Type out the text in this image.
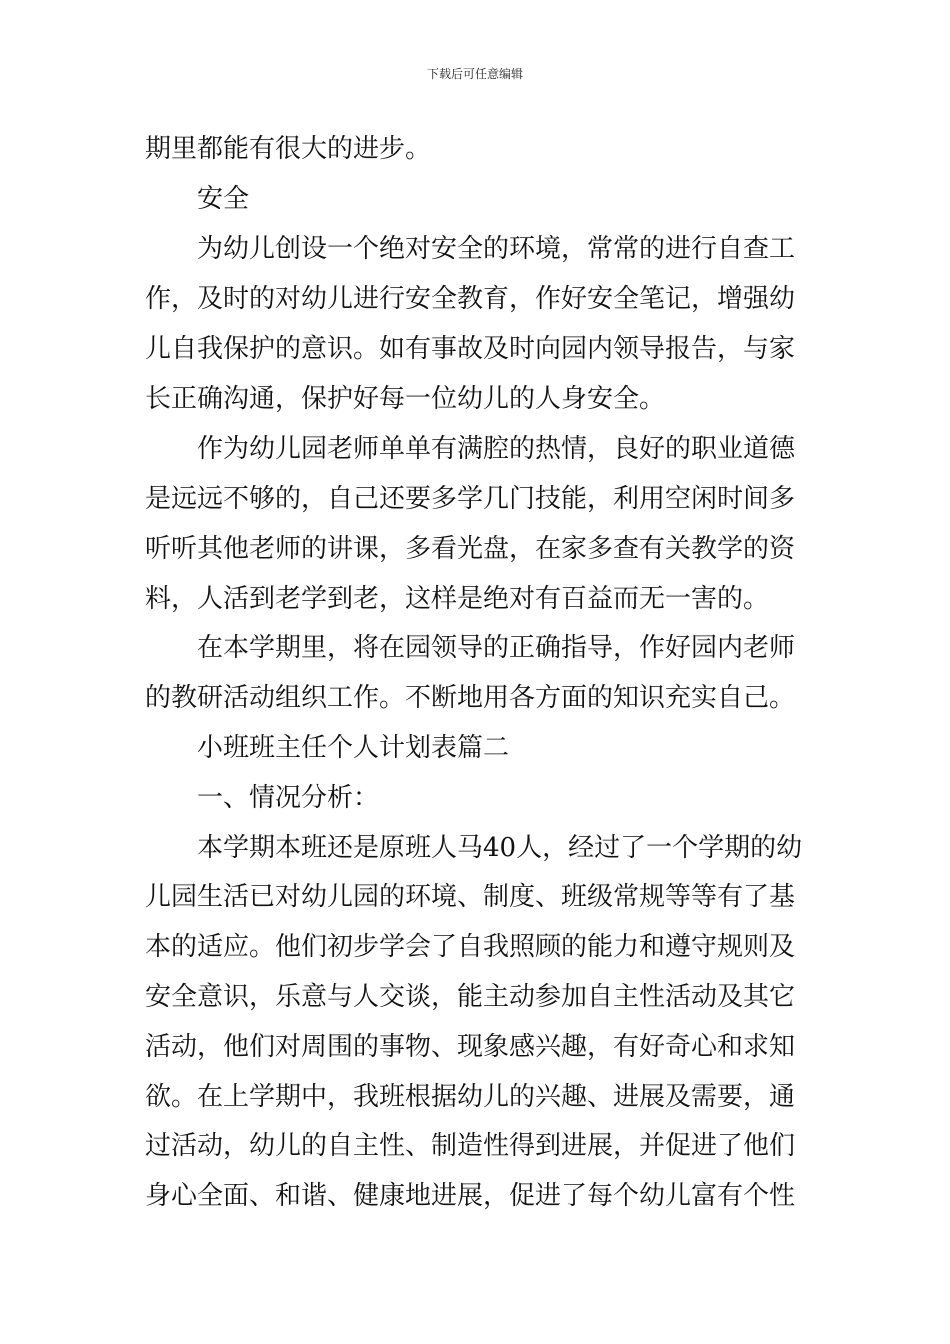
下载后可任意编辑
期里都能有很大的进步。
安全
为幼儿创设一个绝对安全的环境，常常的进行自查工
作，及时的对幼儿进行安全教育，作好安全笔记，增强幼
儿自我保护的意识。如有事故及时向园内领导报告，与家
长正确沟通，保护好每一位幼儿的人身安全。
作为幼儿园老师单单有满腔的热情，良好的职业道德
是远远不够的，自己还要多学几门技能，利用空闲时间多
听听其他老师的讲课，多看光盘，在家多查有关教学的资
料，人活到老学到老，这样是绝对有百益而无一害的。
在本学期里，将在园领导的正确指导，作好园内老师
的教研活动组织工作。不断地用各方面的知识充实自己。
小班班主任个人计划表篇二
一、情况分析：
本学期本班还是原班人马40人，经过了一个学期的幼
儿园生活已对幼儿园的环境、制度、班级常规等等有了基
本的适应。他们初步学会了自我照顾的能力和遵守规则及
安全意识，乐意与人交谈，能主动参加自主性活动及其它
活动，他们对周围的事物、现象感兴趣，有好奇心和求知
欲。在上学期中，我班根据幼儿的兴趣、进展及需要，通
过活动，幼儿的自主性、制造性得到进展，并促进了他们
身心全面、和谐、健康地进展，促进了每个幼儿富有个性
